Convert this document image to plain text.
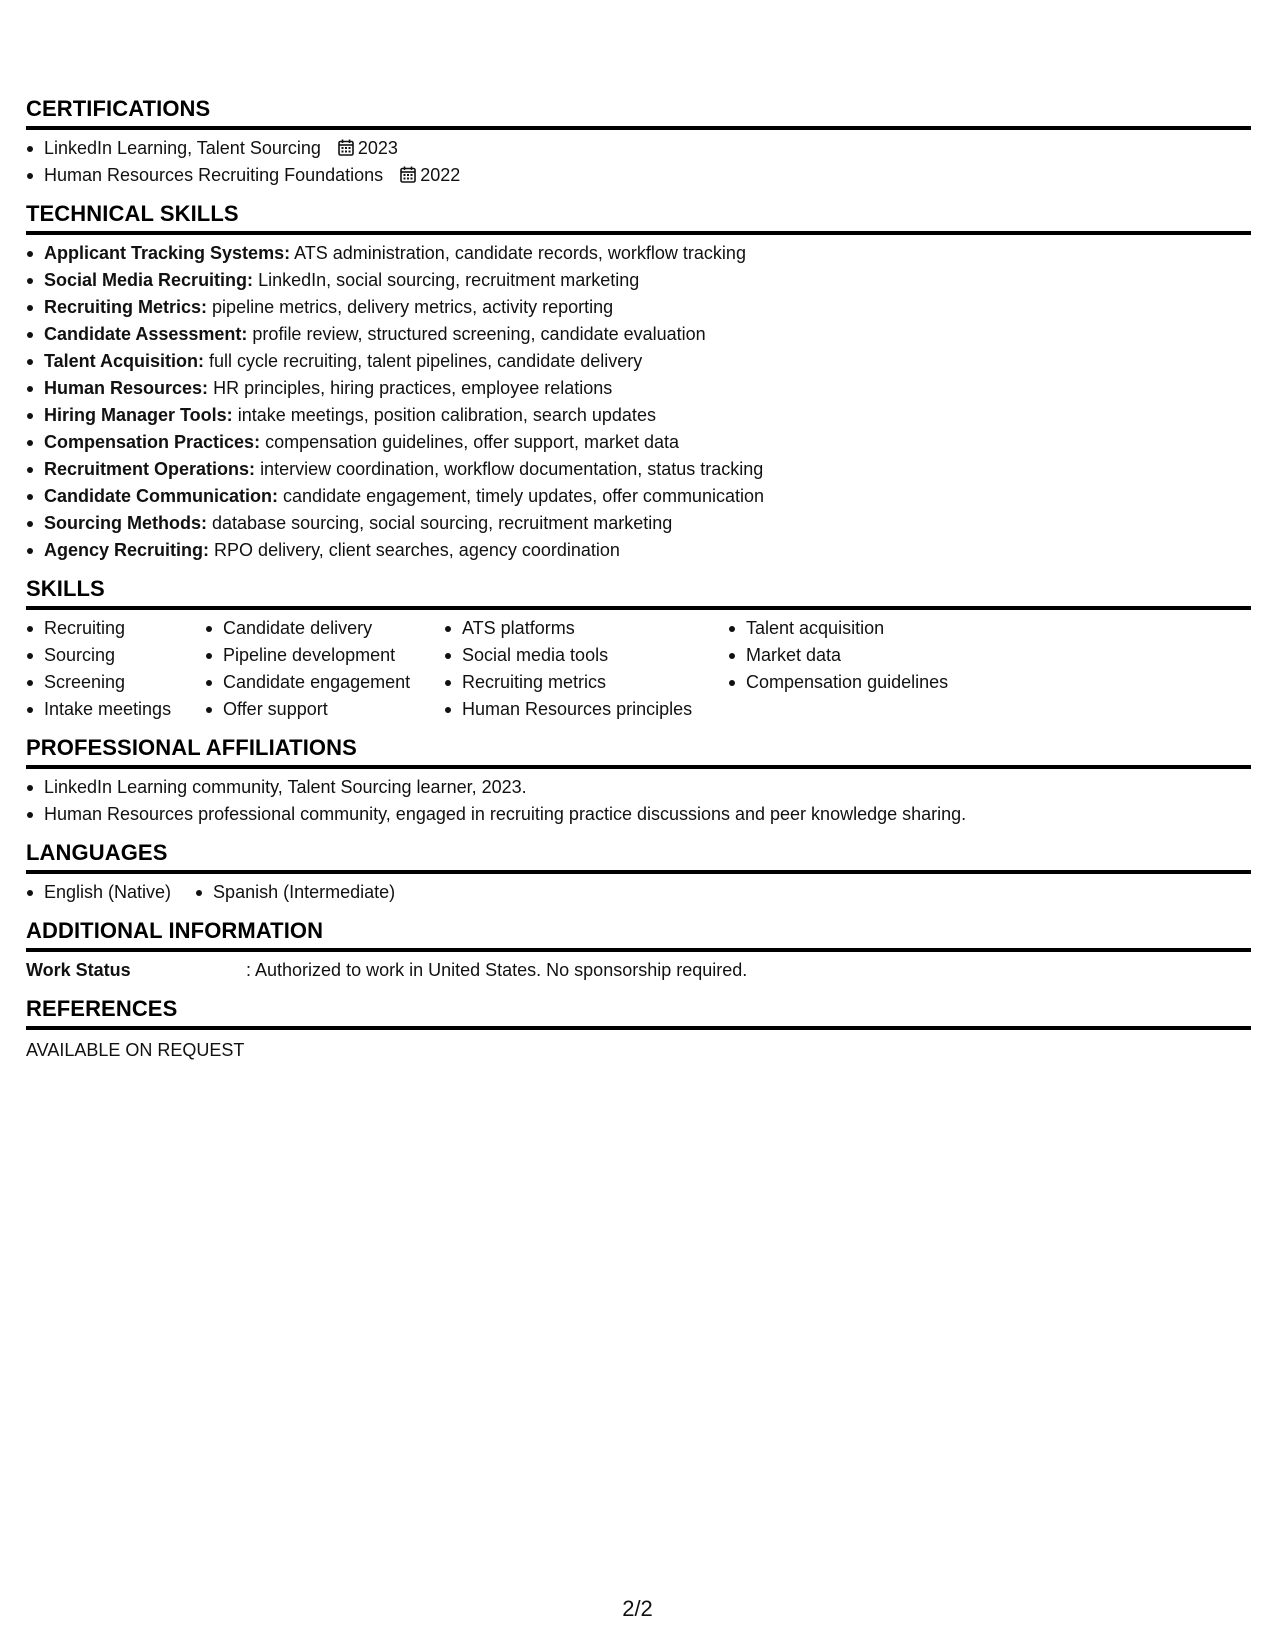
CERTIFICATIONS
LinkedIn Learning, Talent Sourcing 2023
Human Resources Recruiting Foundations 2022
TECHNICAL SKILLS
Applicant Tracking Systems: ATS administration, candidate records, workflow tracking
Social Media Recruiting: LinkedIn, social sourcing, recruitment marketing
Recruiting Metrics: pipeline metrics, delivery metrics, activity reporting
Candidate Assessment: profile review, structured screening, candidate evaluation
Talent Acquisition: full cycle recruiting, talent pipelines, candidate delivery
Human Resources: HR principles, hiring practices, employee relations
Hiring Manager Tools: intake meetings, position calibration, search updates
Compensation Practices: compensation guidelines, offer support, market data
Recruitment Operations: interview coordination, workflow documentation, status tracking
Candidate Communication: candidate engagement, timely updates, offer communication
Sourcing Methods: database sourcing, social sourcing, recruitment marketing
Agency Recruiting: RPO delivery, client searches, agency coordination
SKILLS
Recruiting
Sourcing
Screening
Intake meetings
Candidate delivery
Pipeline development
Candidate engagement
Offer support
ATS platforms
Social media tools
Recruiting metrics
Human Resources principles
Talent acquisition
Market data
Compensation guidelines
PROFESSIONAL AFFILIATIONS
LinkedIn Learning community, Talent Sourcing learner, 2023.
Human Resources professional community, engaged in recruiting practice discussions and peer knowledge sharing.
LANGUAGES
English (Native)	Spanish (Intermediate)
ADDITIONAL INFORMATION
Work Status	: Authorized to work in United States. No sponsorship required.
REFERENCES
AVAILABLE ON REQUEST
2/2
